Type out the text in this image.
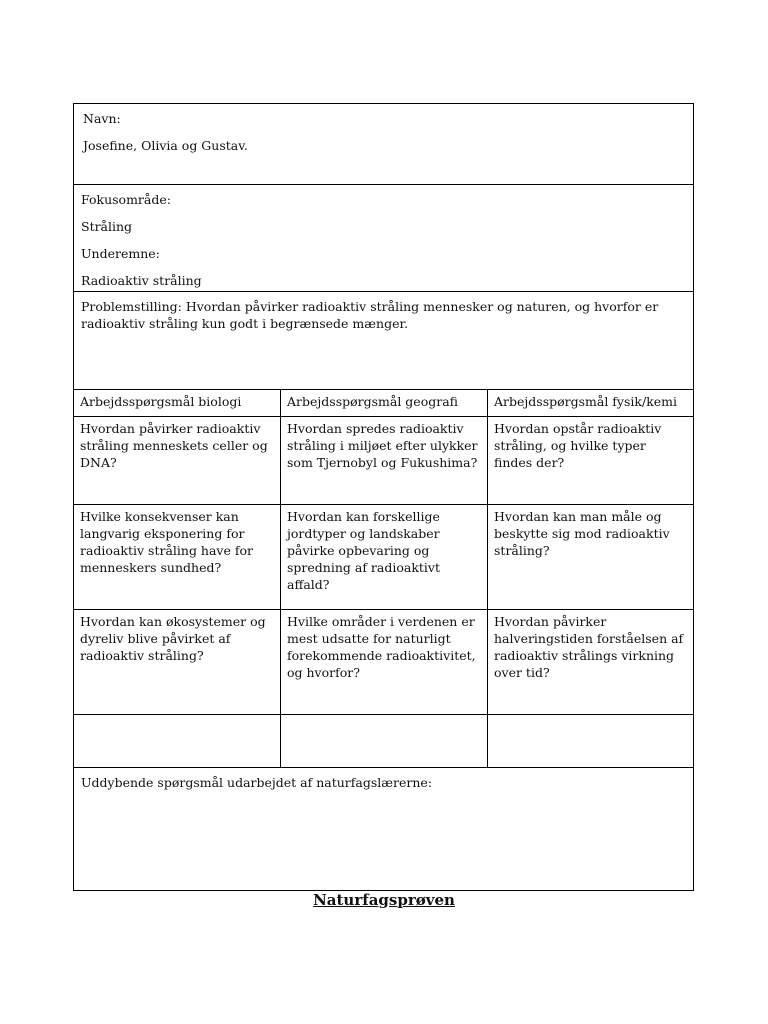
Navn:

Josefine, Olivia og Gustav.

Fokusområde:

Stråling

Underemne:

Radioaktiv stråling

Problemstilling: Hvordan påvirker radioaktiv stråling mennesker og naturen, og hvorfor er radioaktiv stråling kun godt i begrænsede mænger.

Arbejdsspørgsmål biologi	Arbejdsspørgsmål geografi	Arbejdsspørgsmål fysik/kemi
Hvordan påvirker radioaktiv stråling menneskets celler og DNA?
Hvordan spredes radioaktiv stråling i miljøet efter ulykker som Tjernobyl og Fukushima?
Hvordan opstår radioaktiv stråling, og hvilke typer findes der?
Hvilke konsekvenser kan langvarig eksponering for radioaktiv stråling have for menneskers sundhed?
Hvordan kan forskellige jordtyper og landskaber påvirke opbevaring og spredning af radioaktivt affald?
Hvordan kan man måle og beskytte sig mod radioaktiv stråling?
Hvordan kan økosystemer og dyreliv blive påvirket af radioaktiv stråling?
Hvilke områder i verdenen er mest udsatte for naturligt forekommende radioaktivitet, og hvorfor?
Hvordan påvirker halveringstiden forståelsen af radioaktiv strålings virkning over tid?

Uddybende spørgsmål udarbejdet af naturfagslærerne:

Naturfagsprøven
